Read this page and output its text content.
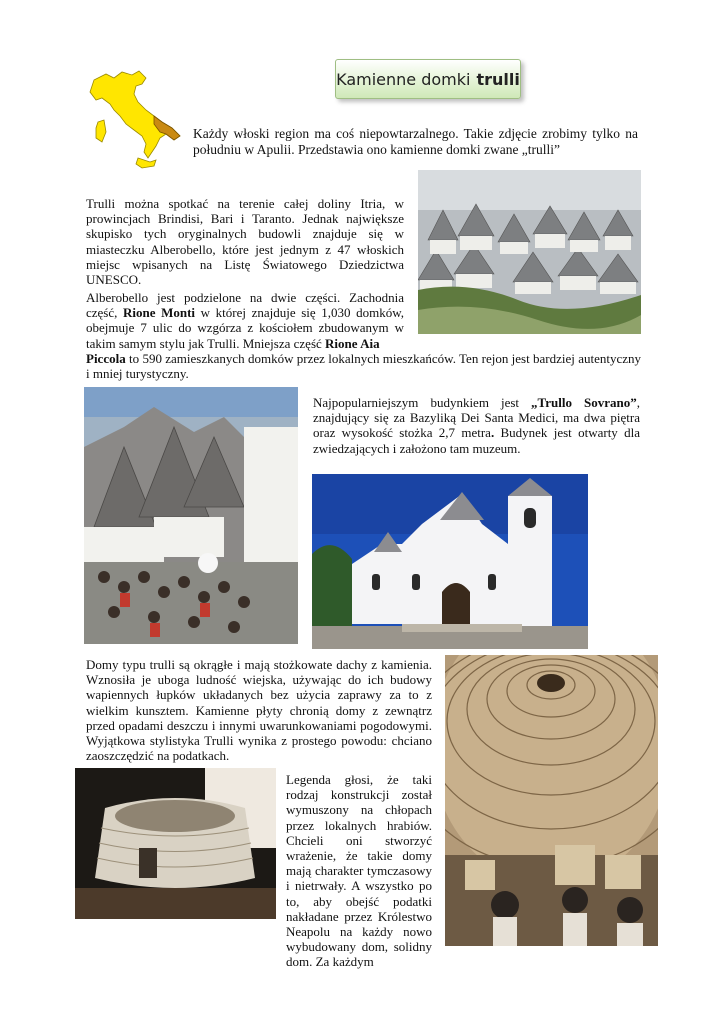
Kamienne domki trulli
Każdy włoski region ma coś niepowtarzalnego. Takie zdjęcie zrobimy tylko na południu w Apulii. Przedstawia ono kamienne domki zwane „trulli”
Trulli można spotkać na terenie całej doliny Itria, w prowincjach Brindisi, Bari i Taranto. Jednak największe skupisko tych oryginalnych budowli znajduje się w miasteczku Alberobello, które jest jednym z 47 włoskich miejsc wpisanych na Listę Światowego Dziedzictwa UNESCO.
Alberobello jest podzielone na dwie części. Zachodnia część, Rione Monti w której znajduje się 1,030 domków, obejmuje 7 ulic do wzgórza z kościołem zbudowanym w takim samym stylu jak Trulli. Mniejsza część Rione Aia
Piccola to 590 zamieszkanych domków przez lokalnych mieszkańców. Ten rejon jest bardziej autentyczny i mniej turystyczny.
Najpopularniejszym budynkiem jest „Trullo Sovrano”, znajdujący się za Bazyliką Dei Santa Medici, ma dwa piętra oraz wysokość stożka 2,7 metra. Budynek jest otwarty dla zwiedzających i założono tam muzeum.
Domy typu trulli są okrągłe i mają stożkowate dachy z kamienia. Wznosiła je uboga ludność wiejska, używając do ich budowy wapiennych łupków układanych bez użycia zaprawy za to z wielkim kunsztem. Kamienne płyty chronią domy z zewnątrz przed opadami deszczu i innymi uwarunkowaniami pogodowymi. Wyjątkowa stylistyka Trulli wynika z prostego powodu: chciano zaoszczędzić na podatkach.
Legenda głosi, że taki rodzaj konstrukcji został wymuszony na chłopach przez lokalnych hrabiów. Chcieli oni stworzyć wrażenie, że takie domy mają charakter tymczasowy i nietrwały. A wszystko po to, aby obejść podatki nakładane przez Królestwo Neapolu na każdy nowo wybudowany dom, solidny dom. Za każdym
